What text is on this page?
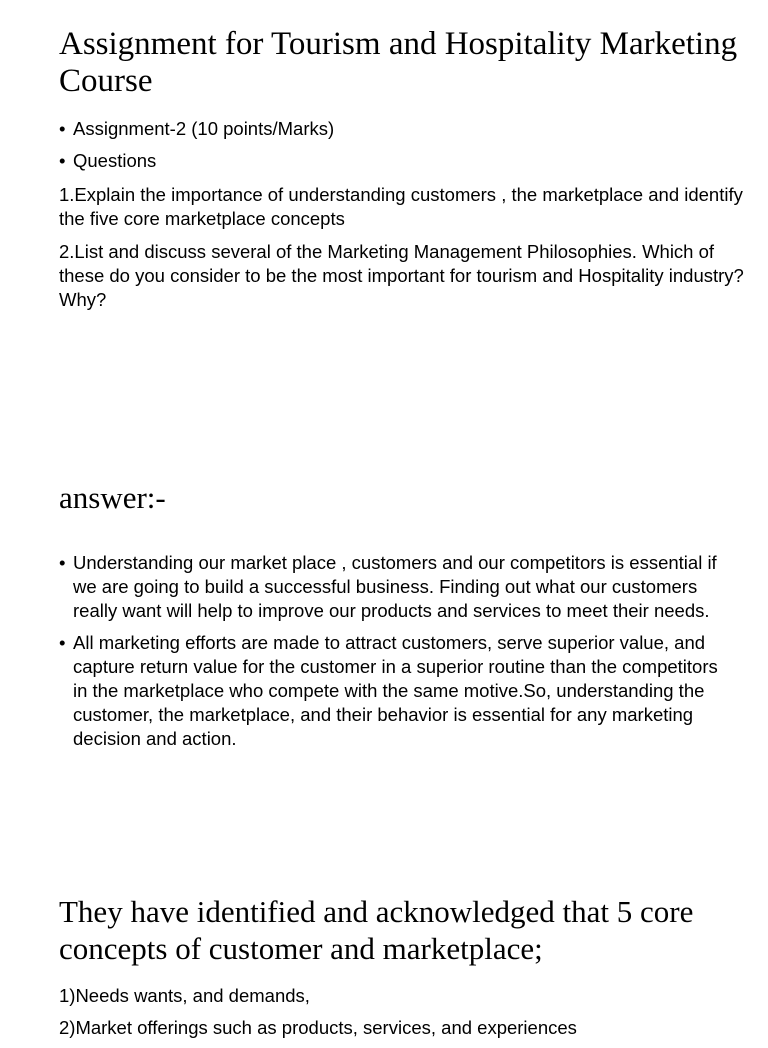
Assignment for Tourism and Hospitality Marketing Course
• Assignment-2 (10 points/Marks)
• Questions

1.Explain the importance of understanding customers , the marketplace and identify the five core marketplace concepts

2.List and discuss several of the Marketing Management Philosophies. Which of these do you consider to be the most important for tourism and Hospitality industry? Why?

answer:-
• Understanding our market place , customers and our competitors is essential if we are going to build a successful business. Finding out what our customers really want will help to improve our products and services to meet their needs.
• All marketing efforts are made to attract customers, serve superior value, and capture return value for the customer in a superior routine than the competitors in the marketplace who compete with the same motive.So, understanding the customer, the marketplace, and their behavior is essential for any marketing decision and action.
They have identified and acknowledged that 5 core concepts of customer and marketplace;
1)Needs wants, and demands,
2)Market offerings such as products, services, and experiences
